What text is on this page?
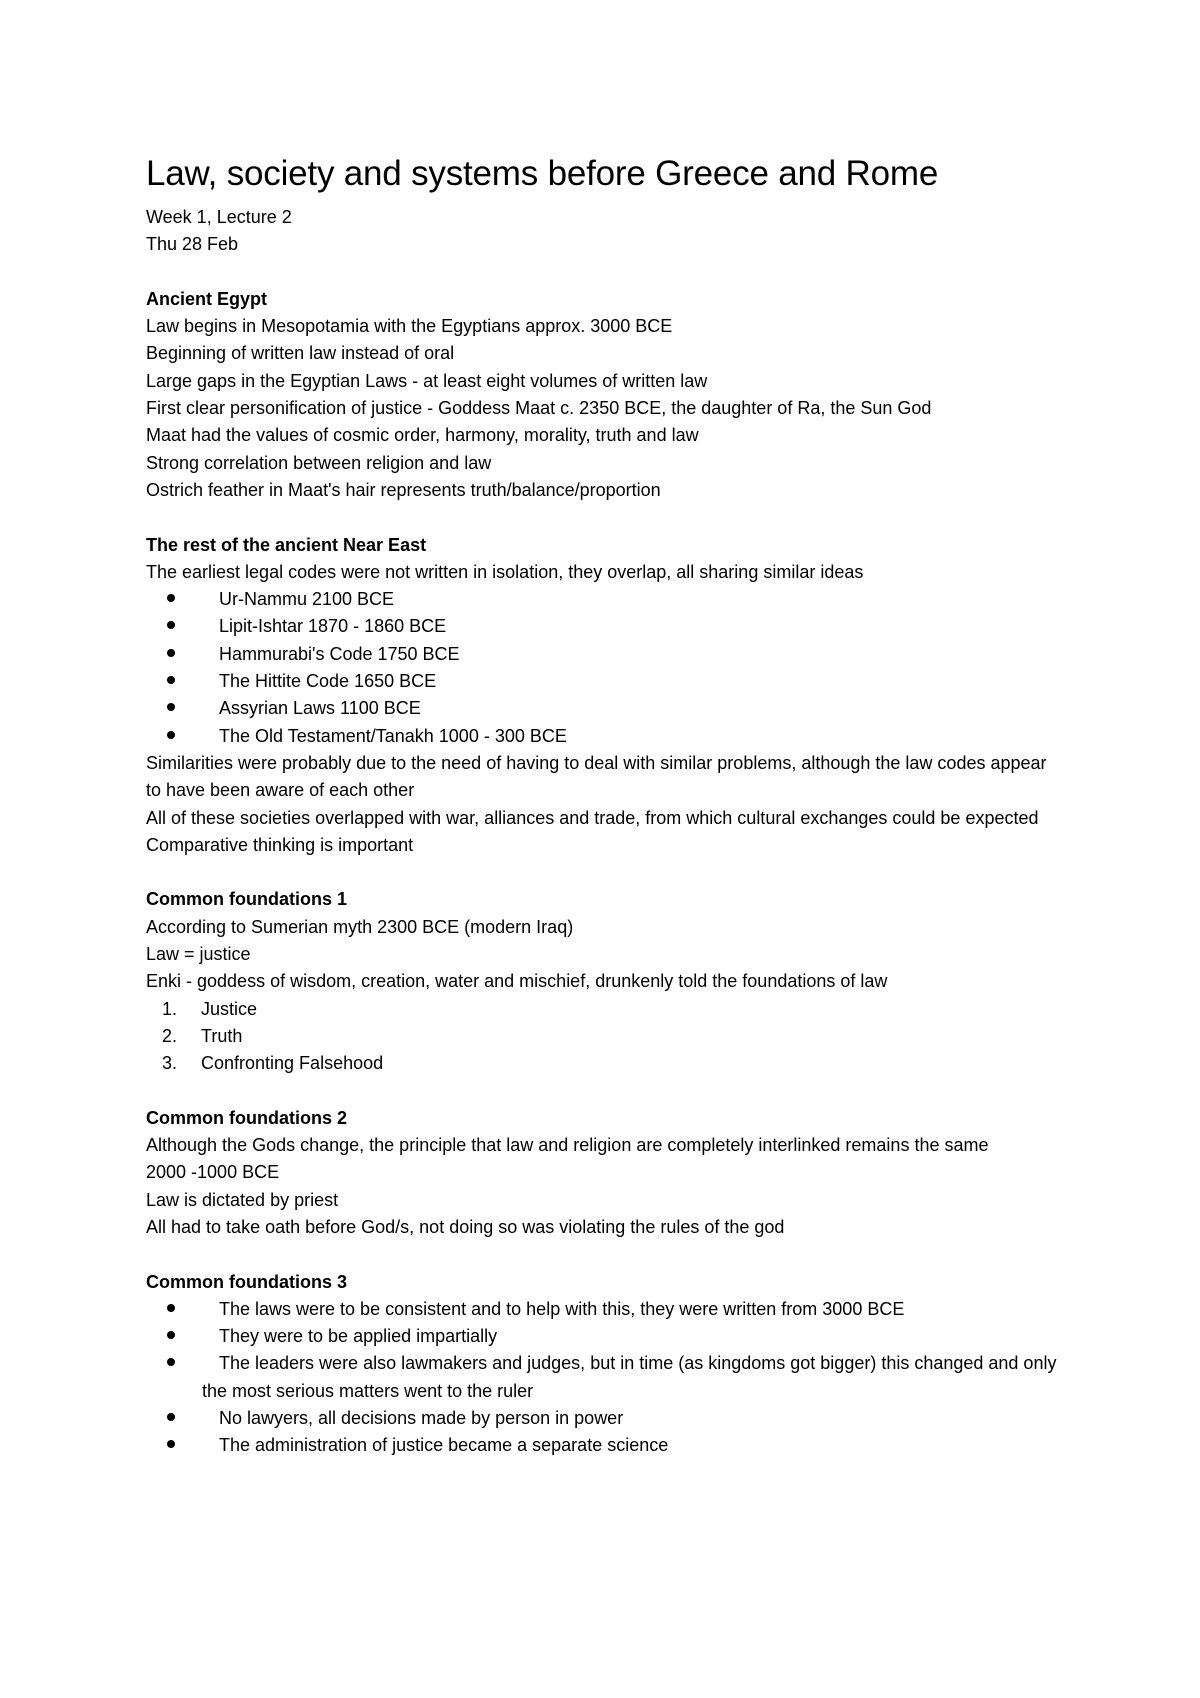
Law, society and systems before Greece and Rome

Week 1, Lecture 2

Thu 28 Feb

Ancient Egypt

Law begins in Mesopotamia with the Egyptians approx. 3000 BCE

Beginning of written law instead of oral

Large gaps in the Egyptian Laws - at least eight volumes of written law

First clear personification of justice - Goddess Maat c. 2350 BCE, the daughter of Ra, the Sun God

Maat had the values of cosmic order, harmony, morality, truth and law

Strong correlation between religion and law

Ostrich feather in Maat's hair represents truth/balance/proportion

The rest of the ancient Near East

The earliest legal codes were not written in isolation, they overlap, all sharing similar ideas

Ur-Nammu 2100 BCE
Lipit-Ishtar 1870 - 1860 BCE
Hammurabi's Code 1750 BCE
The Hittite Code 1650 BCE
Assyrian Laws 1100 BCE
The Old Testament/Tanakh 1000 - 300 BCE

Similarities were probably due to the need of having to deal with similar problems, although the law codes appear to have been aware of each other

All of these societies overlapped with war, alliances and trade, from which cultural exchanges could be expected

Comparative thinking is important

Common foundations 1

According to Sumerian myth 2300 BCE (modern Iraq)

Law = justice

Enki - goddess of wisdom, creation, water and mischief, drunkenly told the foundations of law

1. Justice
2. Truth
3. Confronting Falsehood

Common foundations 2

Although the Gods change, the principle that law and religion are completely interlinked remains the same

2000 -1000 BCE

Law is dictated by priest

All had to take oath before God/s, not doing so was violating the rules of the god

Common foundations 3

The laws were to be consistent and to help with this, they were written from 3000 BCE
They were to be applied impartially
The leaders were also lawmakers and judges, but in time (as kingdoms got bigger) this changed and only the most serious matters went to the ruler
No lawyers, all decisions made by person in power
The administration of justice became a separate science
